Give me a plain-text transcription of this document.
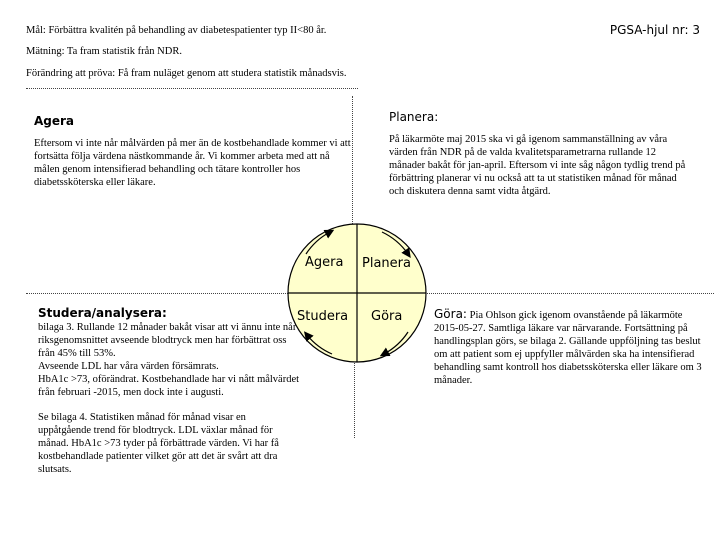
Mål: Förbättra kvalitén på behandling av diabetespatienter typ II<80 år.	PGSA-hjul nr: 3
Mätning: Ta fram statistik från NDR.
Förändring att pröva: Få fram nuläget genom att studera statistik månadsvis.
Agera
Eftersom vi inte når målvärden på mer än de kostbehandlade kommer vi att fortsätta följa värdena nästkommande år. Vi kommer arbeta med att nå målen genom intensifierad behandling och tätare kontroller hos diabetssköterska eller läkare.
Planera:
På läkarmöte maj 2015 ska vi gå igenom sammanställning av våra värden från NDR på de valda kvalitetsparametrarna rullande 12 månader bakåt för jan-april. Eftersom vi inte såg någon tydlig trend på förbättring planerar vi nu också att ta ut statistiken månad för månad och diskutera denna samt vidta åtgärd.
Studera/analysera:

bilaga 3. Rullande 12 månader bakåt visar att vi ännu inte når riksgenomsnittet avseende blodtryck men har förbättrat oss från 45% till 53%.

Avseende LDL har våra värden försämrats.

HbA1c >73, oförändrat. Kostbehandlade har vi nått målvärdet från februari -2015, men dock inte i augusti.

Se bilaga 4. Statistiken månad för månad visar en uppåtgående trend för blodtryck. LDL växlar månad för månad. HbA1c >73 tyder på förbättrade värden. Vi har få kostbehandlade patienter vilket gör att det är svårt att dra slutsats.

Göra: Pia Ohlson gick igenom ovanstående på läkarmöte 2015-05-27. Samtliga läkare var närvarande. Fortsättning på handlingsplan görs, se bilaga 2. Gällande uppföljning tas beslut om att patient som ej uppfyller målvärden ska ha intensifierad behandling samt kontroll hos diabetssköterska eller läkare om 3 månader.
Agera Planera
Studera Göra
